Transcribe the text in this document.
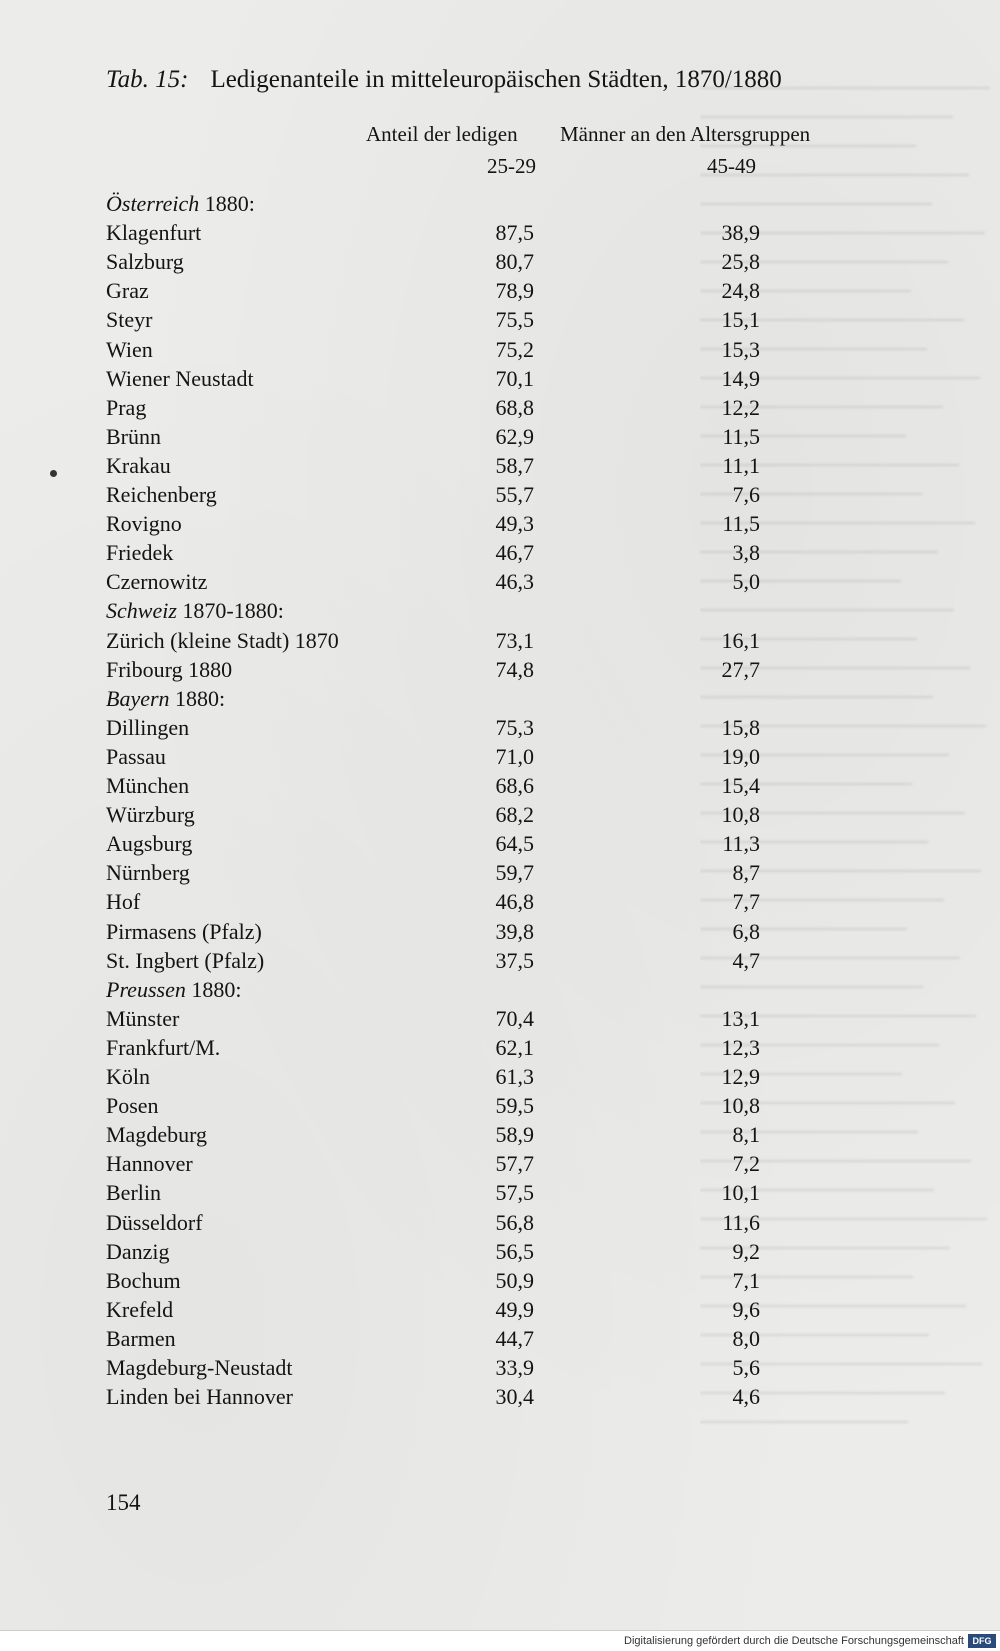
Tab. 15: Ledigenanteile in mitteleuropäischen Städten, 1870/1880
Anteil der ledigen Männer an den Altersgruppen
25-29	45-49
Österreich 1880:
Klagenfurt	87,5	38,9
Salzburg	80,7	25,8
Graz	78,9	24,8
Steyr	75,5	15,1
Wien	75,2	15,3
Wiener Neustadt	70,1	14,9
Prag	68,8	12,2
Brünn	62,9	11,5
Krakau	58,7	11,1
Reichenberg	55,7	7,6
Rovigno	49,3	11,5
Friedek	46,7	3,8
Czernowitz	46,3	5,0
Schweiz 1870-1880:
Zürich (kleine Stadt) 1870	73,1	16,1
Fribourg 1880	74,8	27,7
Bayern 1880:
Dillingen	75,3	15,8
Passau	71,0	19,0
München	68,6	15,4
Würzburg	68,2	10,8
Augsburg	64,5	11,3
Nürnberg	59,7	8,7
Hof	46,8	7,7
Pirmasens (Pfalz)	39,8	6,8
St. Ingbert (Pfalz)	37,5	4,7
Preussen 1880:
Münster	70,4	13,1
Frankfurt/M.	62,1	12,3
Köln	61,3	12,9
Posen	59,5	10,8
Magdeburg	58,9	8,1
Hannover	57,7	7,2
Berlin	57,5	10,1
Düsseldorf	56,8	11,6
Danzig	56,5	9,2
Bochum	50,9	7,1
Krefeld	49,9	9,6
Barmen	44,7	8,0
Magdeburg-Neustadt	33,9	5,6
Linden bei Hannover	30,4	4,6
154
Digitalisierung gefördert durch die Deutsche Forschungsgemeinschaft DFG
